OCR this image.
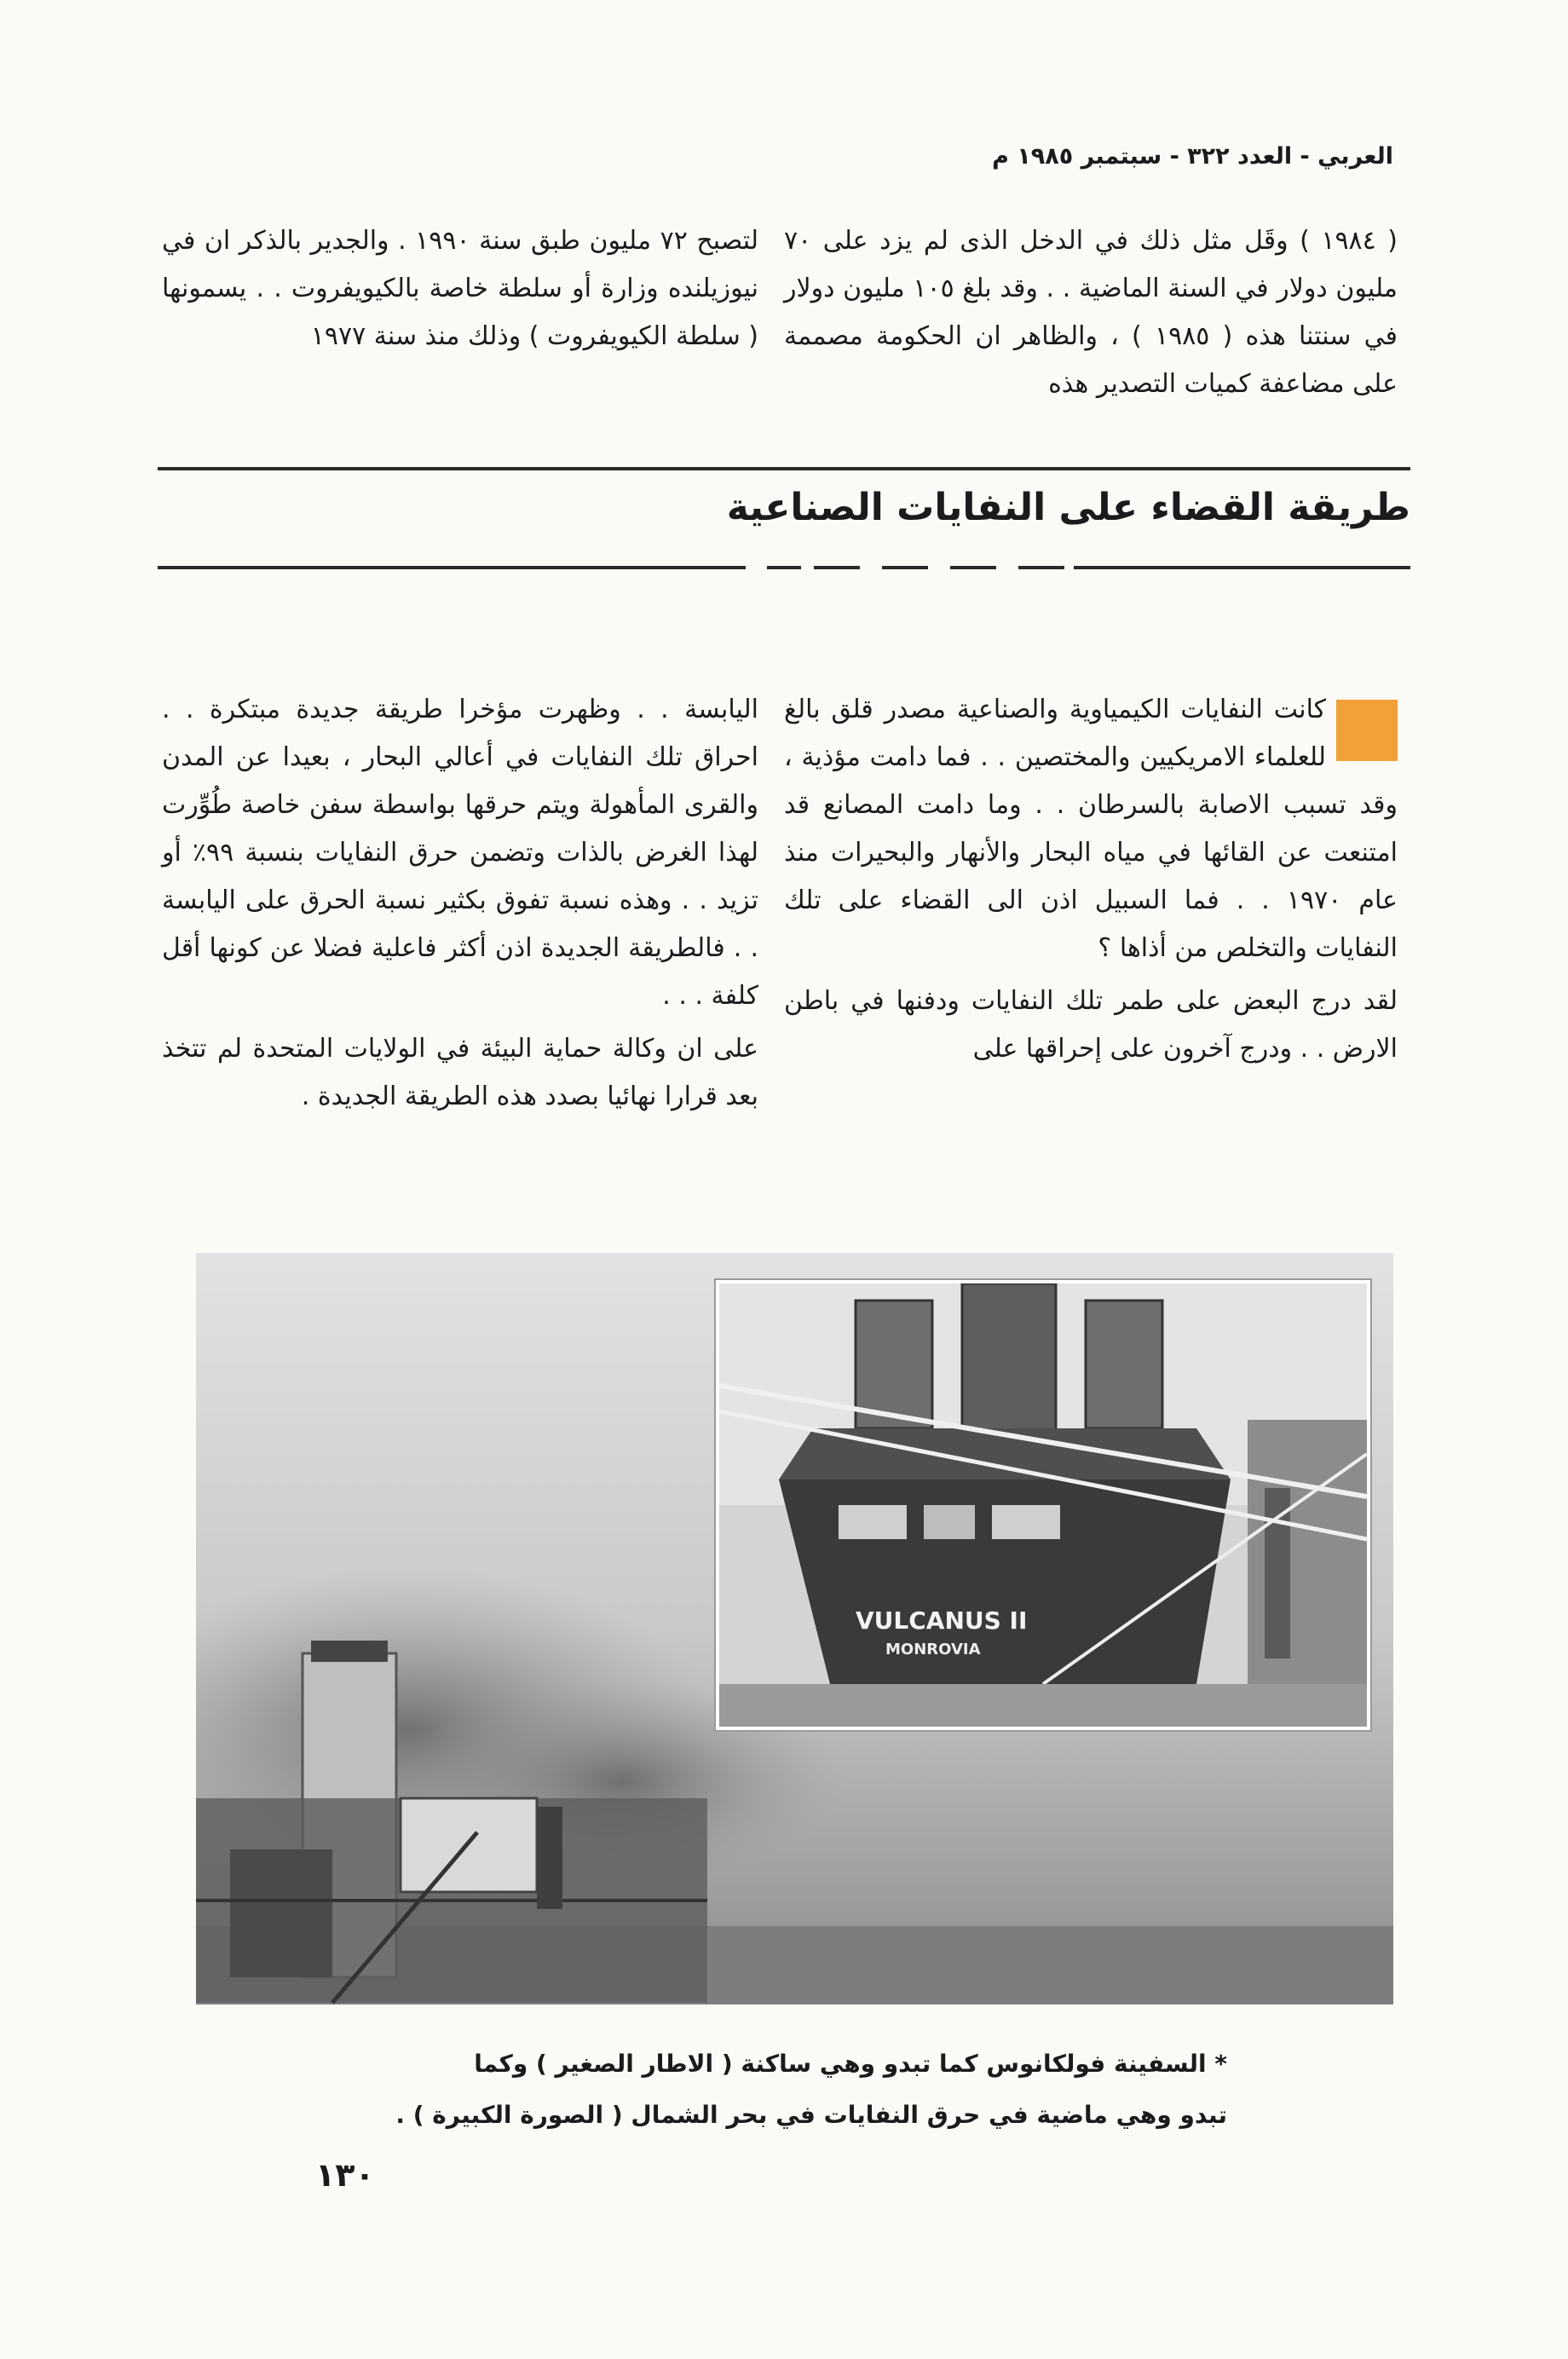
العربي - العدد ٣٢٢ - سبتمبر ١٩٨٥ م

( ١٩٨٤ ) وقَل مثل ذلك في الدخل الذى لم يزد على ٧٠ مليون دولار في السنة الماضية . . وقد بلغ ١٠٥ مليون دولار في سنتنا هذه ( ١٩٨٥ ) ، والظاهر ان الحكومة مصممة على مضاعفة كميات التصدير هذه

لتصبح ٧٢ مليون طبق سنة ١٩٩٠ . والجدير بالذكر ان في نيوزيلنده وزارة أو سلطة خاصة بالكيويفروت . . يسمونها ( سلطة الكيويفروت ) وذلك منذ سنة ١٩٧٧

طريقة القضاء على النفايات الصناعية

كانت النفايات الكيمياوية والصناعية مصدر قلق بالغ للعلماء الامريكيين والمختصين . . فما دامت مؤذية ، وقد تسبب الاصابة بالسرطان . . وما دامت المصانع قد امتنعت عن القائها في مياه البحار والأنهار والبحيرات منذ عام ١٩٧٠ . . فما السبيل اذن الى القضاء على تلك النفايات والتخلص من أذاها ؟

لقد درج البعض على طمر تلك النفايات ودفنها في باطن الارض . . ودرج آخرون على إحراقها على

اليابسة . . وظهرت مؤخرا طريقة جديدة مبتكرة . . احراق تلك النفايات في أعالي البحار ، بعيدا عن المدن والقرى المأهولة ويتم حرقها بواسطة سفن خاصة طُوِّرت لهذا الغرض بالذات وتضمن حرق النفايات بنسبة ٩٩٪ أو تزيد . . وهذه نسبة تفوق بكثير نسبة الحرق على اليابسة . . فالطريقة الجديدة اذن أكثر فاعلية فضلا عن كونها أقل كلفة . . .

على ان وكالة حماية البيئة في الولايات المتحدة لم تتخذ بعد قرارا نهائيا بصدد هذه الطريقة الجديدة .

VULCANUS II
MONROVIA
* السفينة فولكانوس كما تبدو وهي ساكنة ( الاطار الصغير ) وكما
تبدو وهي ماضية في حرق النفايات في بحر الشمال ( الصورة الكبيرة ) .
١٣٠
